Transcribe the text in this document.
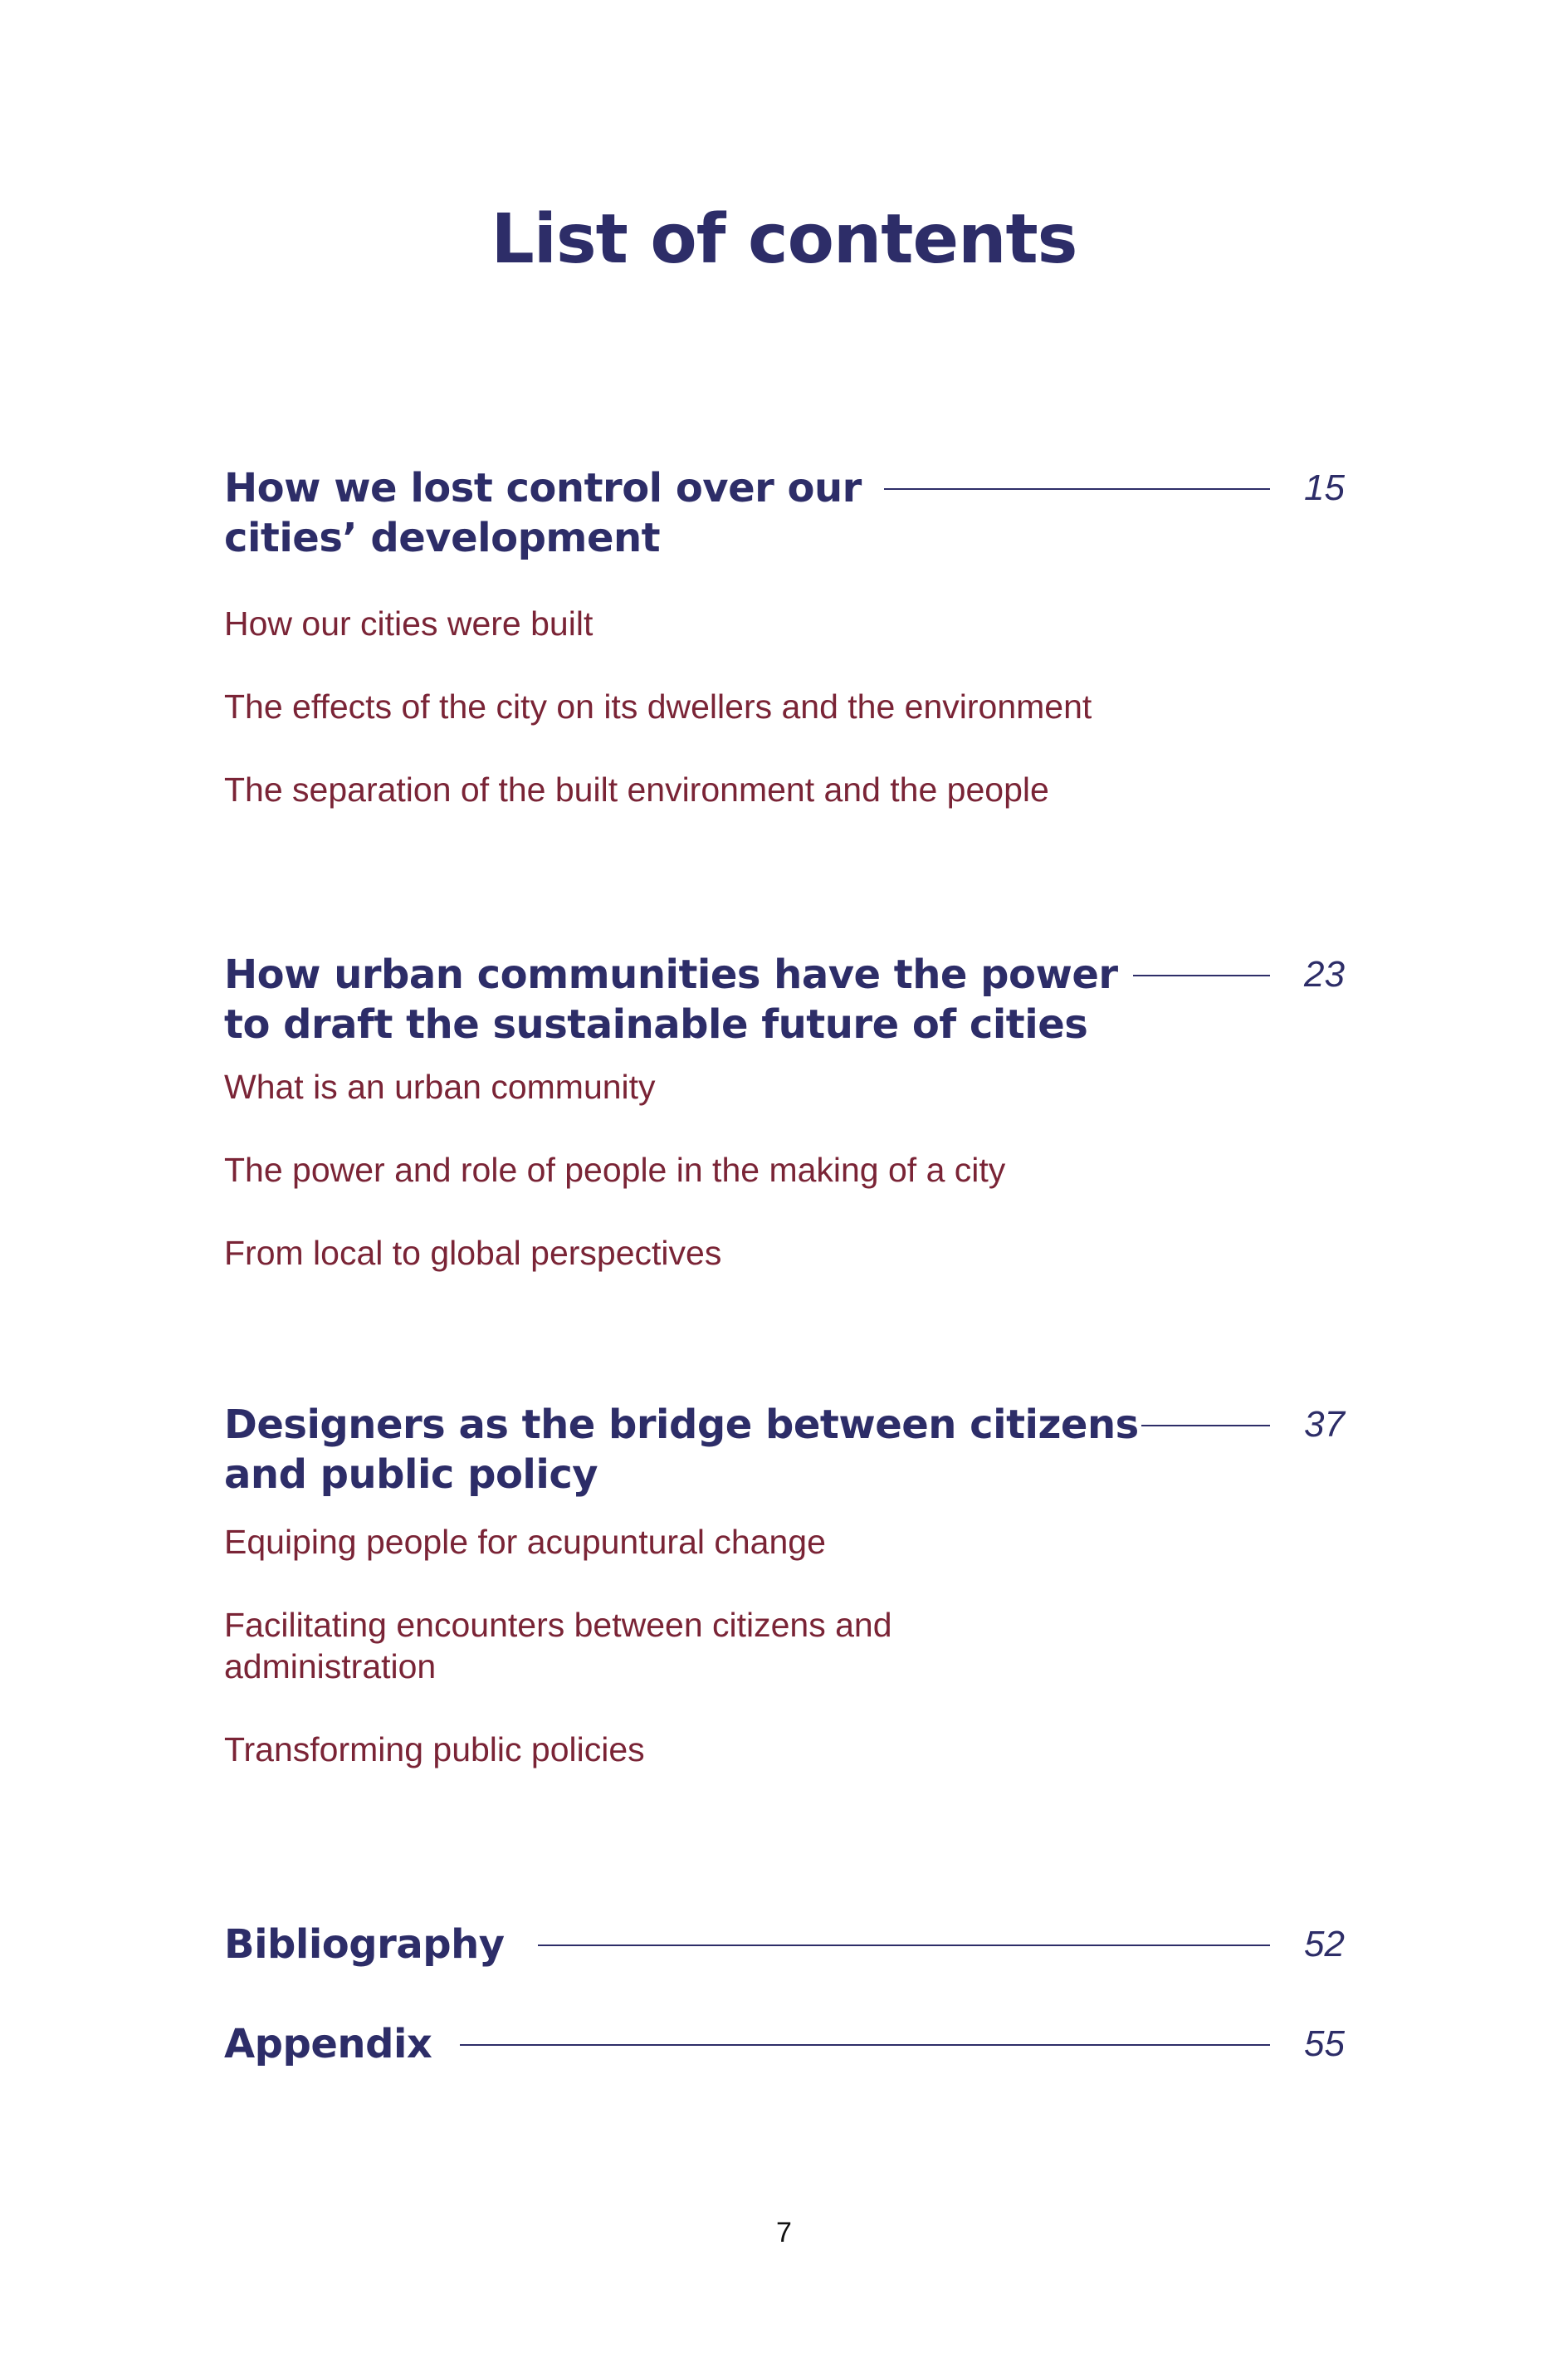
List of contents
How we lost control over our
cities’ development
15
How our cities were built
The effects of the city on its dwellers and the environment
The separation of the built environment and the people
How urban communities have the power
to draft the sustainable future of cities
23
What is an urban community
The power and role of people in the making of a city
From local to global perspectives
Designers as the bridge between citizens
and public policy
37
Equiping people for acupuntural change
Facilitating encounters between citizens and
administration
Transforming public policies
Bibliography	52
Appendix	55
7
